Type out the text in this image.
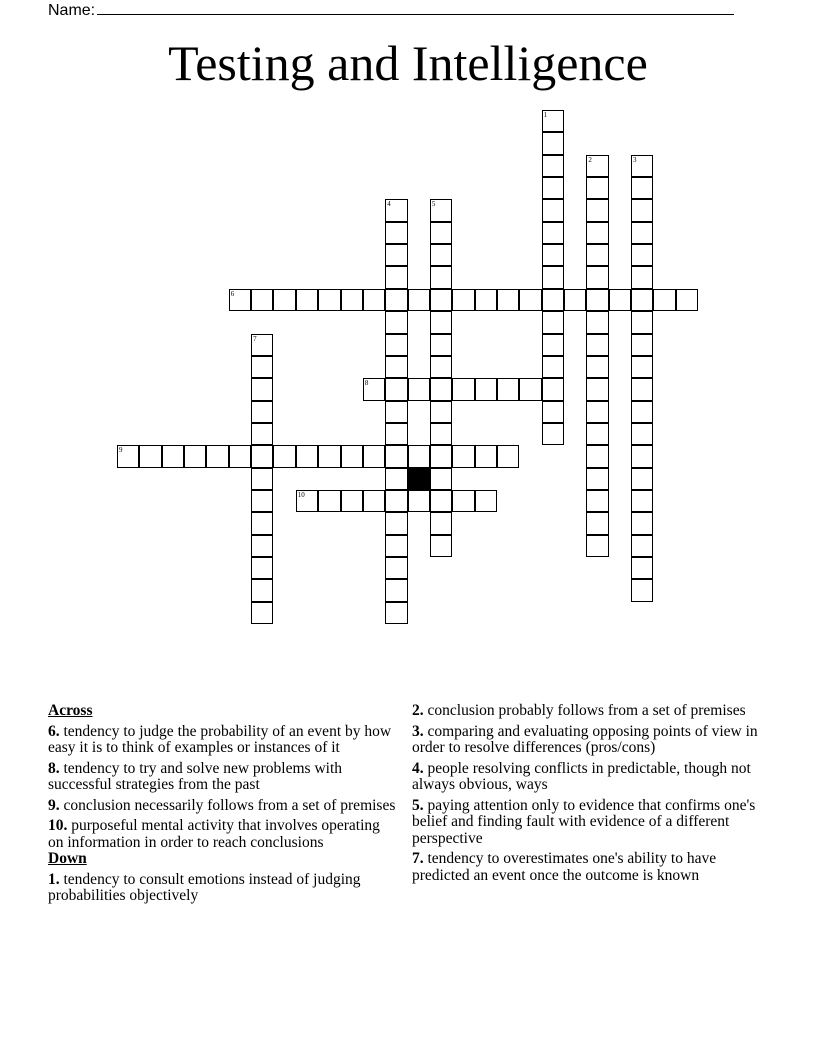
Name:
Testing and Intelligence
1
2	3
4	5
6
7
8
9
10
Across
6. tendency to judge the probability of an event by how easy it is to think of examples or instances of it
8. tendency to try and solve new problems with successful strategies from the past
9. conclusion necessarily follows from a set of premises
10. purposeful mental activity that involves operating on information in order to reach conclusions
Down
1. tendency to consult emotions instead of judging probabilities objectively
2. conclusion probably follows from a set of premises
3. comparing and evaluating opposing points of view in order to resolve differences (pros/cons)
4. people resolving conflicts in predictable, though not always obvious, ways
5. paying attention only to evidence that confirms one's belief and finding fault with evidence of a different perspective
7. tendency to overestimates one's ability to have predicted an event once the outcome is known
